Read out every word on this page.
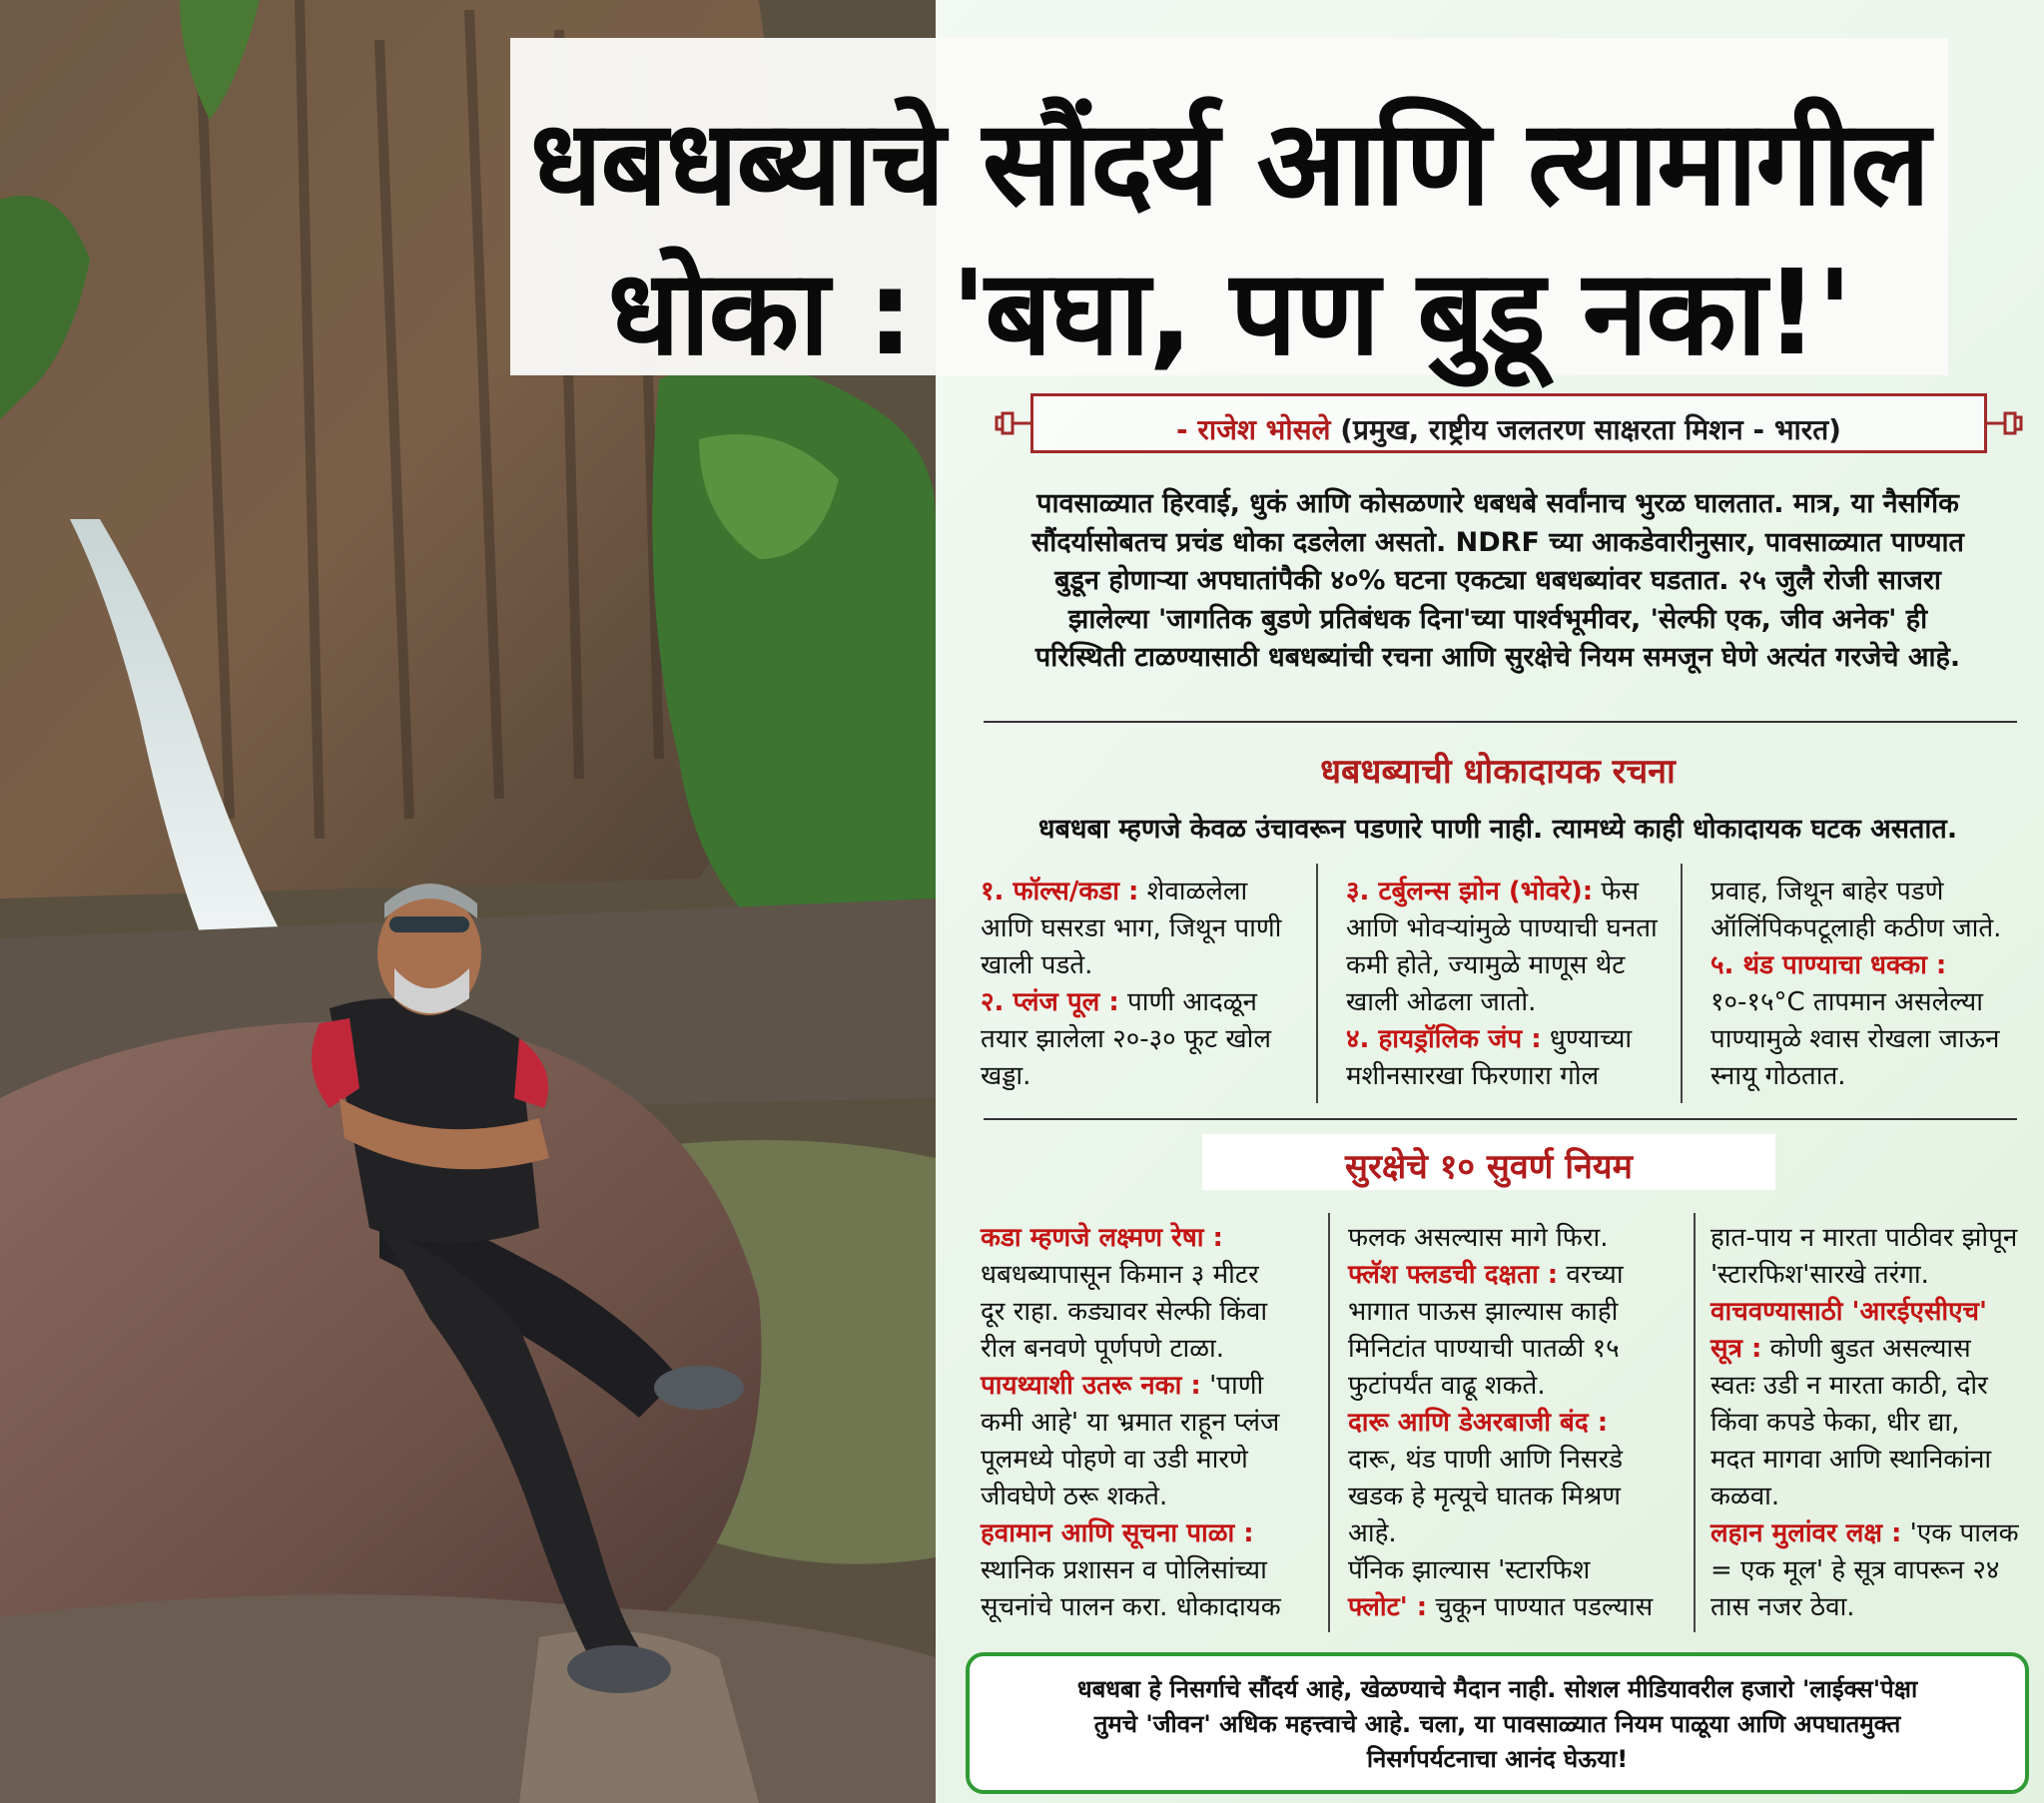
धबधब्याचे सौंदर्य आणि त्यामागील
धोका : 'बघा, पण बुडू नका!'
- राजेश भोसले (प्रमुख, राष्ट्रीय जलतरण साक्षरता मिशन - भारत)
पावसाळ्यात हिरवाई, धुकं आणि कोसळणारे धबधबे सर्वांनाच भुरळ घालतात. मात्र, या नैसर्गिक
सौंदर्यासोबतच प्रचंड धोका दडलेला असतो. NDRF च्या आकडेवारीनुसार, पावसाळ्यात पाण्यात
बुडून होणाऱ्या अपघातांपैकी ४०% घटना एकट्या धबधब्यांवर घडतात. २५ जुलै रोजी साजरा
झालेल्या 'जागतिक बुडणे प्रतिबंधक दिना'च्या पार्श्वभूमीवर, 'सेल्फी एक, जीव अनेक' ही
परिस्थिती टाळण्यासाठी धबधब्यांची रचना आणि सुरक्षेचे नियम समजून घेणे अत्यंत गरजेचे आहे.
धबधब्याची धोकादायक रचना
धबधबा म्हणजे केवळ उंचावरून पडणारे पाणी नाही. त्यामध्ये काही धोकादायक घटक असतात.
१. फॉल्स/कडा : शेवाळलेला
आणि घसरडा भाग, जिथून पाणी
खाली पडते.
२. प्लंज पूल : पाणी आदळून
तयार झालेला २०-३० फूट खोल
खड्डा.
३. टर्बुलन्स झोन (भोवरे): फेस
आणि भोवऱ्यांमुळे पाण्याची घनता
कमी होते, ज्यामुळे माणूस थेट
खाली ओढला जातो.
४. हायड्रॉलिक जंप : धुण्याच्या
मशीनसारखा फिरणारा गोल
प्रवाह, जिथून बाहेर पडणे
ऑलिंपिकपटूलाही कठीण जाते.
५. थंड पाण्याचा धक्का :
१०-१५°C तापमान असलेल्या
पाण्यामुळे श्वास रोखला जाऊन
स्नायू गोठतात.
सुरक्षेचे १० सुवर्ण नियम
कडा म्हणजे लक्ष्मण रेषा :
धबधब्यापासून किमान ३ मीटर
दूर राहा. कड्यावर सेल्फी किंवा
रील बनवणे पूर्णपणे टाळा.
पायथ्याशी उतरू नका : 'पाणी
कमी आहे' या भ्रमात राहून प्लंज
पूलमध्ये पोहणे वा उडी मारणे
जीवघेणे ठरू शकते.
हवामान आणि सूचना पाळा :
स्थानिक प्रशासन व पोलिसांच्या
सूचनांचे पालन करा. धोकादायक
फलक असल्यास मागे फिरा.
फ्लॅश फ्लडची दक्षता : वरच्या
भागात पाऊस झाल्यास काही
मिनिटांत पाण्याची पातळी १५
फुटांपर्यंत वाढू शकते.
दारू आणि डेअरबाजी बंद :
दारू, थंड पाणी आणि निसरडे
खडक हे मृत्यूचे घातक मिश्रण
आहे.
पॅनिक झाल्यास 'स्टारफिश
फ्लोट' : चुकून पाण्यात पडल्यास
हात-पाय न मारता पाठीवर झोपून
'स्टारफिश'सारखे तरंगा.
वाचवण्यासाठी 'आरईएसीएच'
सूत्र : कोणी बुडत असल्यास
स्वतः उडी न मारता काठी, दोर
किंवा कपडे फेका, धीर द्या,
मदत मागवा आणि स्थानिकांना
कळवा.
लहान मुलांवर लक्ष : 'एक पालक
= एक मूल' हे सूत्र वापरून २४
तास नजर ठेवा.
धबधबा हे निसर्गाचे सौंदर्य आहे, खेळण्याचे मैदान नाही. सोशल मीडियावरील हजारो 'लाईक्स'पेक्षा
तुमचे 'जीवन' अधिक महत्त्वाचे आहे. चला, या पावसाळ्यात नियम पाळूया आणि अपघातमुक्त
निसर्गपर्यटनाचा आनंद घेऊया!
